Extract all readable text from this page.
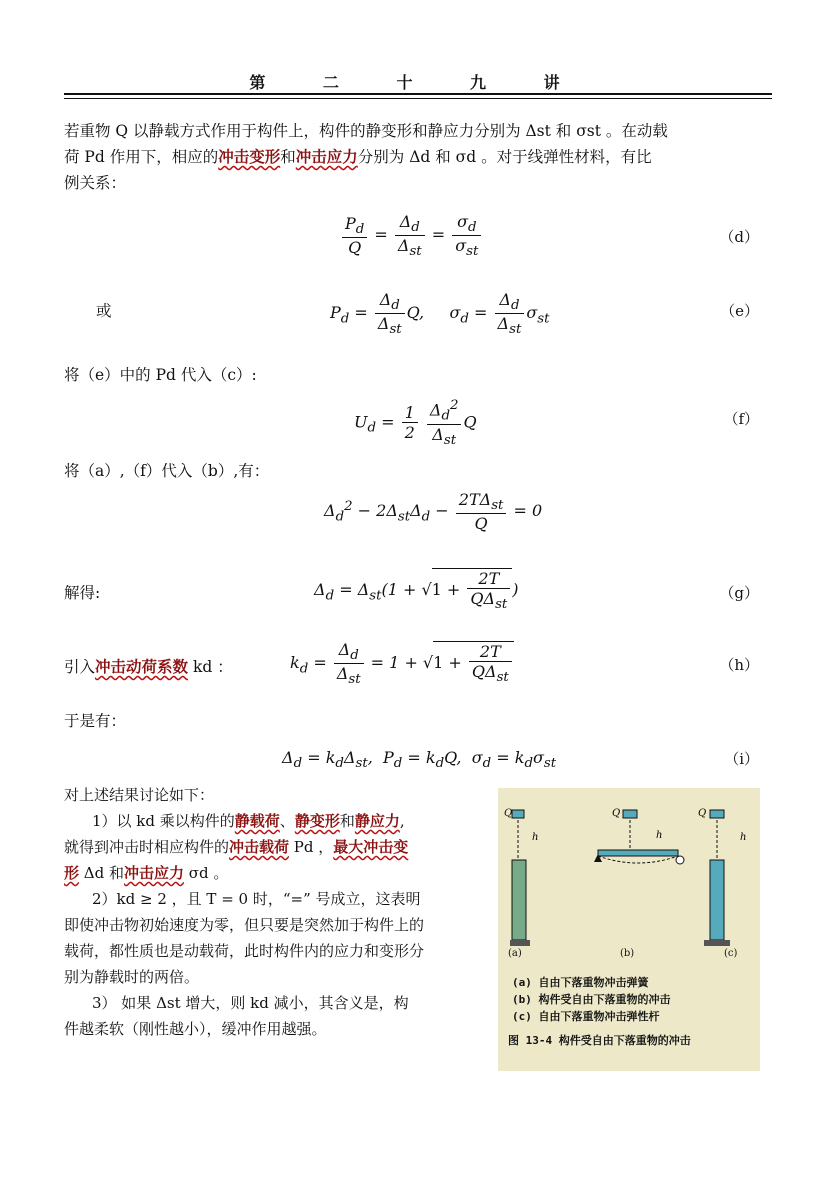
第 二 十 九 讲
若重物 Q 以静载方式作用于构件上，构件的静变形和静应力分别为 Δst 和 σst 。在动载
荷 Pd 作用下，相应的冲击变形和冲击应力分别为 Δd 和 σd 。对于线弹性材料，有比
例关系：
$\frac{P_d}{Q} = \frac{\Delta_d}{\Delta_{st}} = \frac{\sigma_d}{\sigma_{st}}$	（d）
或	$P_d = \frac{\Delta_d}{\Delta_{st}} Q$,     $\sigma_d = \frac{\Delta_d}{\Delta_{st}} \sigma_{st}$	（e）
将（e）中的 Pd 代入（c）:
$U_d = \frac{1}{2}$
$\frac{\Delta_d^2}{\Delta_{st}}$ Q	（f）
将（a）,（f）代入（b）,有：
$\Delta_d^2 - 2\Delta_{st}\Delta_d - \frac{2T\Delta_{st}}{Q} = 0$
解得:	$\Delta_d = \Delta_{st}(1 + √1 + \frac{2T}{Q\Delta_{st}}$ )	（g）
引入冲击动荷系数 kd ：	$k_d = \frac{\Delta_d}{\Delta_{st}} = 1 + √1 + \frac{2T}{Q\Delta_{st}}$	（h）
于是有：
$\Delta_d = k_d\Delta_{st}$,  $P_d = k_dQ$,  $\sigma_d = k_d\sigma_{st}$	（i）
对上述结果讨论如下：
1）以 kd 乘以构件的静载荷、静变形和静应力,
就得到冲击时相应构件的冲击载荷 Pd ，最大冲击变
形 Δd 和冲击应力 σd 。
2）kd ≥ 2 ，且 T = 0 时，“=” 号成立，这表明
即使冲击物初始速度为零，但只要是突然加于构件上的
载荷，都性质也是动载荷，此时构件内的应力和变形分
别为静载时的两倍。
3） 如果 Δst 增大，则 kd 减小，其含义是，构
件越柔软（刚性越小），缓冲作用越强。
Q
h
Q
h
Q
h
(a)	(b)	(c)
(a) 自由下落重物冲击弹簧
(b) 构件受自由下落重物的冲击
(c) 自由下落重物冲击弹性杆
图 13-4 构件受自由下落重物的冲击
